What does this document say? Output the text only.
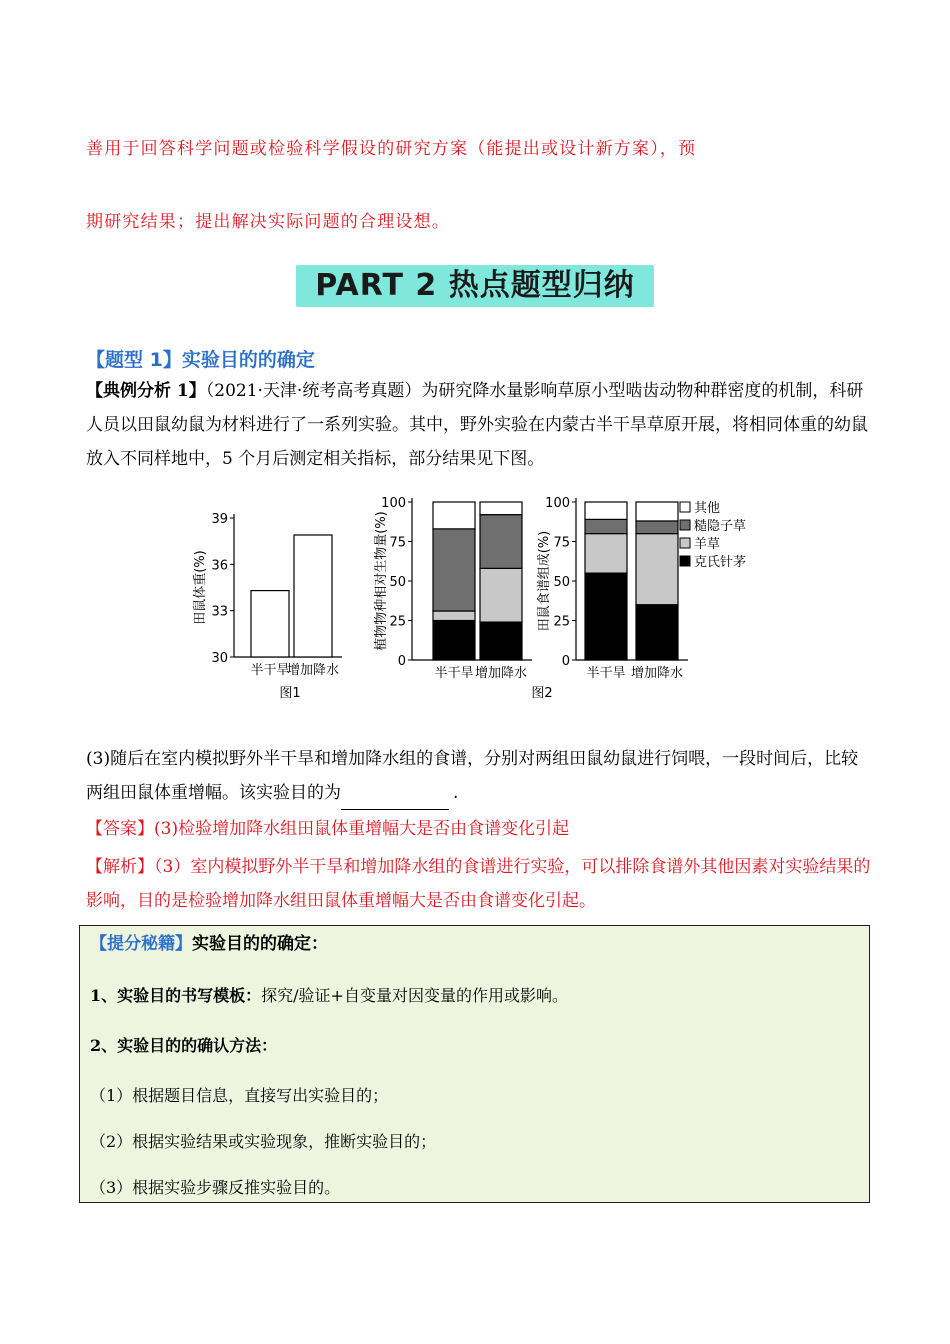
善用于回答科学问题或检验科学假设的研究方案（能提出或设计新方案），预
期研究结果；提出解决实际问题的合理设想。
PART 2 热点题型归纳
【题型 1】实验目的的确定
【典例分析 1】（2021·天津·统考高考真题）为研究降水量影响草原小型啮齿动物种群密度的机制，科研人员以田鼠幼鼠为材料进行了一系列实验。其中，野外实验在内蒙古半干旱草原开展，将相同体重的幼鼠放入不同样地中，5 个月后测定相关指标，部分结果见下图。
30
33
36
39
田鼠体重(%)
半干旱
增加降水
图1
0
25
50
75
100
植物物种相对生物量(%)
半干旱 增加降水
图2
0
25
50
75
100
田鼠食谱组成(%)
半干旱 增加降水
其他
糙隐子草
羊草
克氏针茅
(3)随后在室内模拟野外半干旱和增加降水组的食谱，分别对两组田鼠幼鼠进行饲喂，一段时间后，比较两组田鼠体重增幅。该实验目的为	.
【答案】(3)检验增加降水组田鼠体重增幅大是否由食谱变化引起
【解析】（3）室内模拟野外半干旱和增加降水组的食谱进行实验，可以排除食谱外其他因素对实验结果的影响，目的是检验增加降水组田鼠体重增幅大是否由食谱变化引起。
【提分秘籍】实验目的的确定：
1、实验目的书写模板：探究/验证+自变量对因变量的作用或影响。
2、实验目的的确认方法：
（1）根据题目信息，直接写出实验目的；
（2）根据实验结果或实验现象，推断实验目的；
（3）根据实验步骤反推实验目的。
